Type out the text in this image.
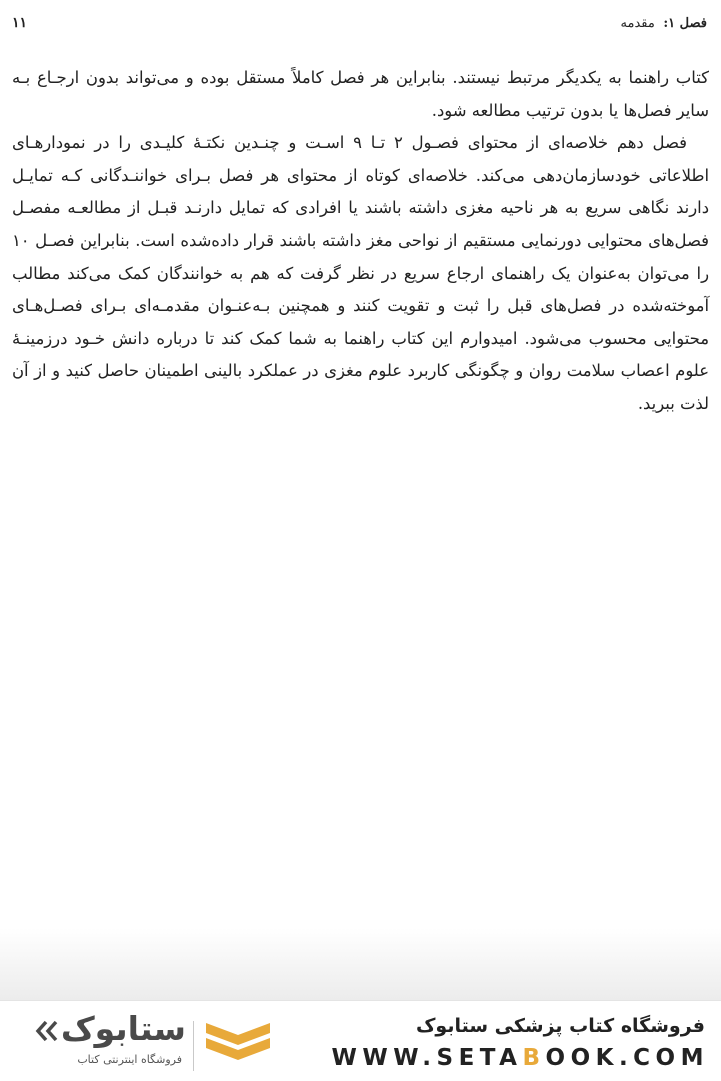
فصل ۱: مقدمه
۱۱

کتاب راهنما به یکدیگر مرتبط نیستند. بنابراین هر فصل کاملاً مستقل بوده و می‌تواند بدون ارجـاع بـه سایر فصل‌ها یا بدون ترتیب مطالعه شود.

فصل دهم خلاصه‌ای از محتوای فصـول ۲ تـا ۹ اسـت و چنـدین نکتـهٔ کلیـدی را در نمودارهـای اطلاعاتی خودسازمان‌دهی می‌کند. خلاصه‌ای کوتاه از محتوای هر فصل بـرای خواننـدگانی کـه تمایـل دارند نگاهی سریع به هر ناحیه مغزی داشته باشند یا افرادی که تمایل دارنـد قبـل از مطالعـه مفصـل فصل‌های محتوایی دورنمایی مستقیم از نواحی مغز داشته باشند قرار داده‌شده است. بنابراین فصـل ۱۰ را می‌توان به‌عنوان یک راهنمای ارجاع سریع در نظر گرفت که هم به خوانندگان کمک می‌کند مطالب آموخته‌شده در فصل‌های قبل را ثبت و تقویت کنند و همچنین بـه‌عنـوان مقدمـه‌ای بـرای فصـل‌هـای محتوایی محسوب می‌شود. امیدوارم این کتاب راهنما به شما کمک کند تا درباره دانش خـود درزمینـهٔ علوم اعصاب سلامت روان و چگونگی کاربرد علوم مغزی در عملکرد بالینی اطمینان حاصل کنید و از آن لذت ببرید.

فروشگاه کتاب پزشکی ستابوک
WWW.SETABOOK.COM
ستابوک
فروشگاه اینترنتی کتاب
